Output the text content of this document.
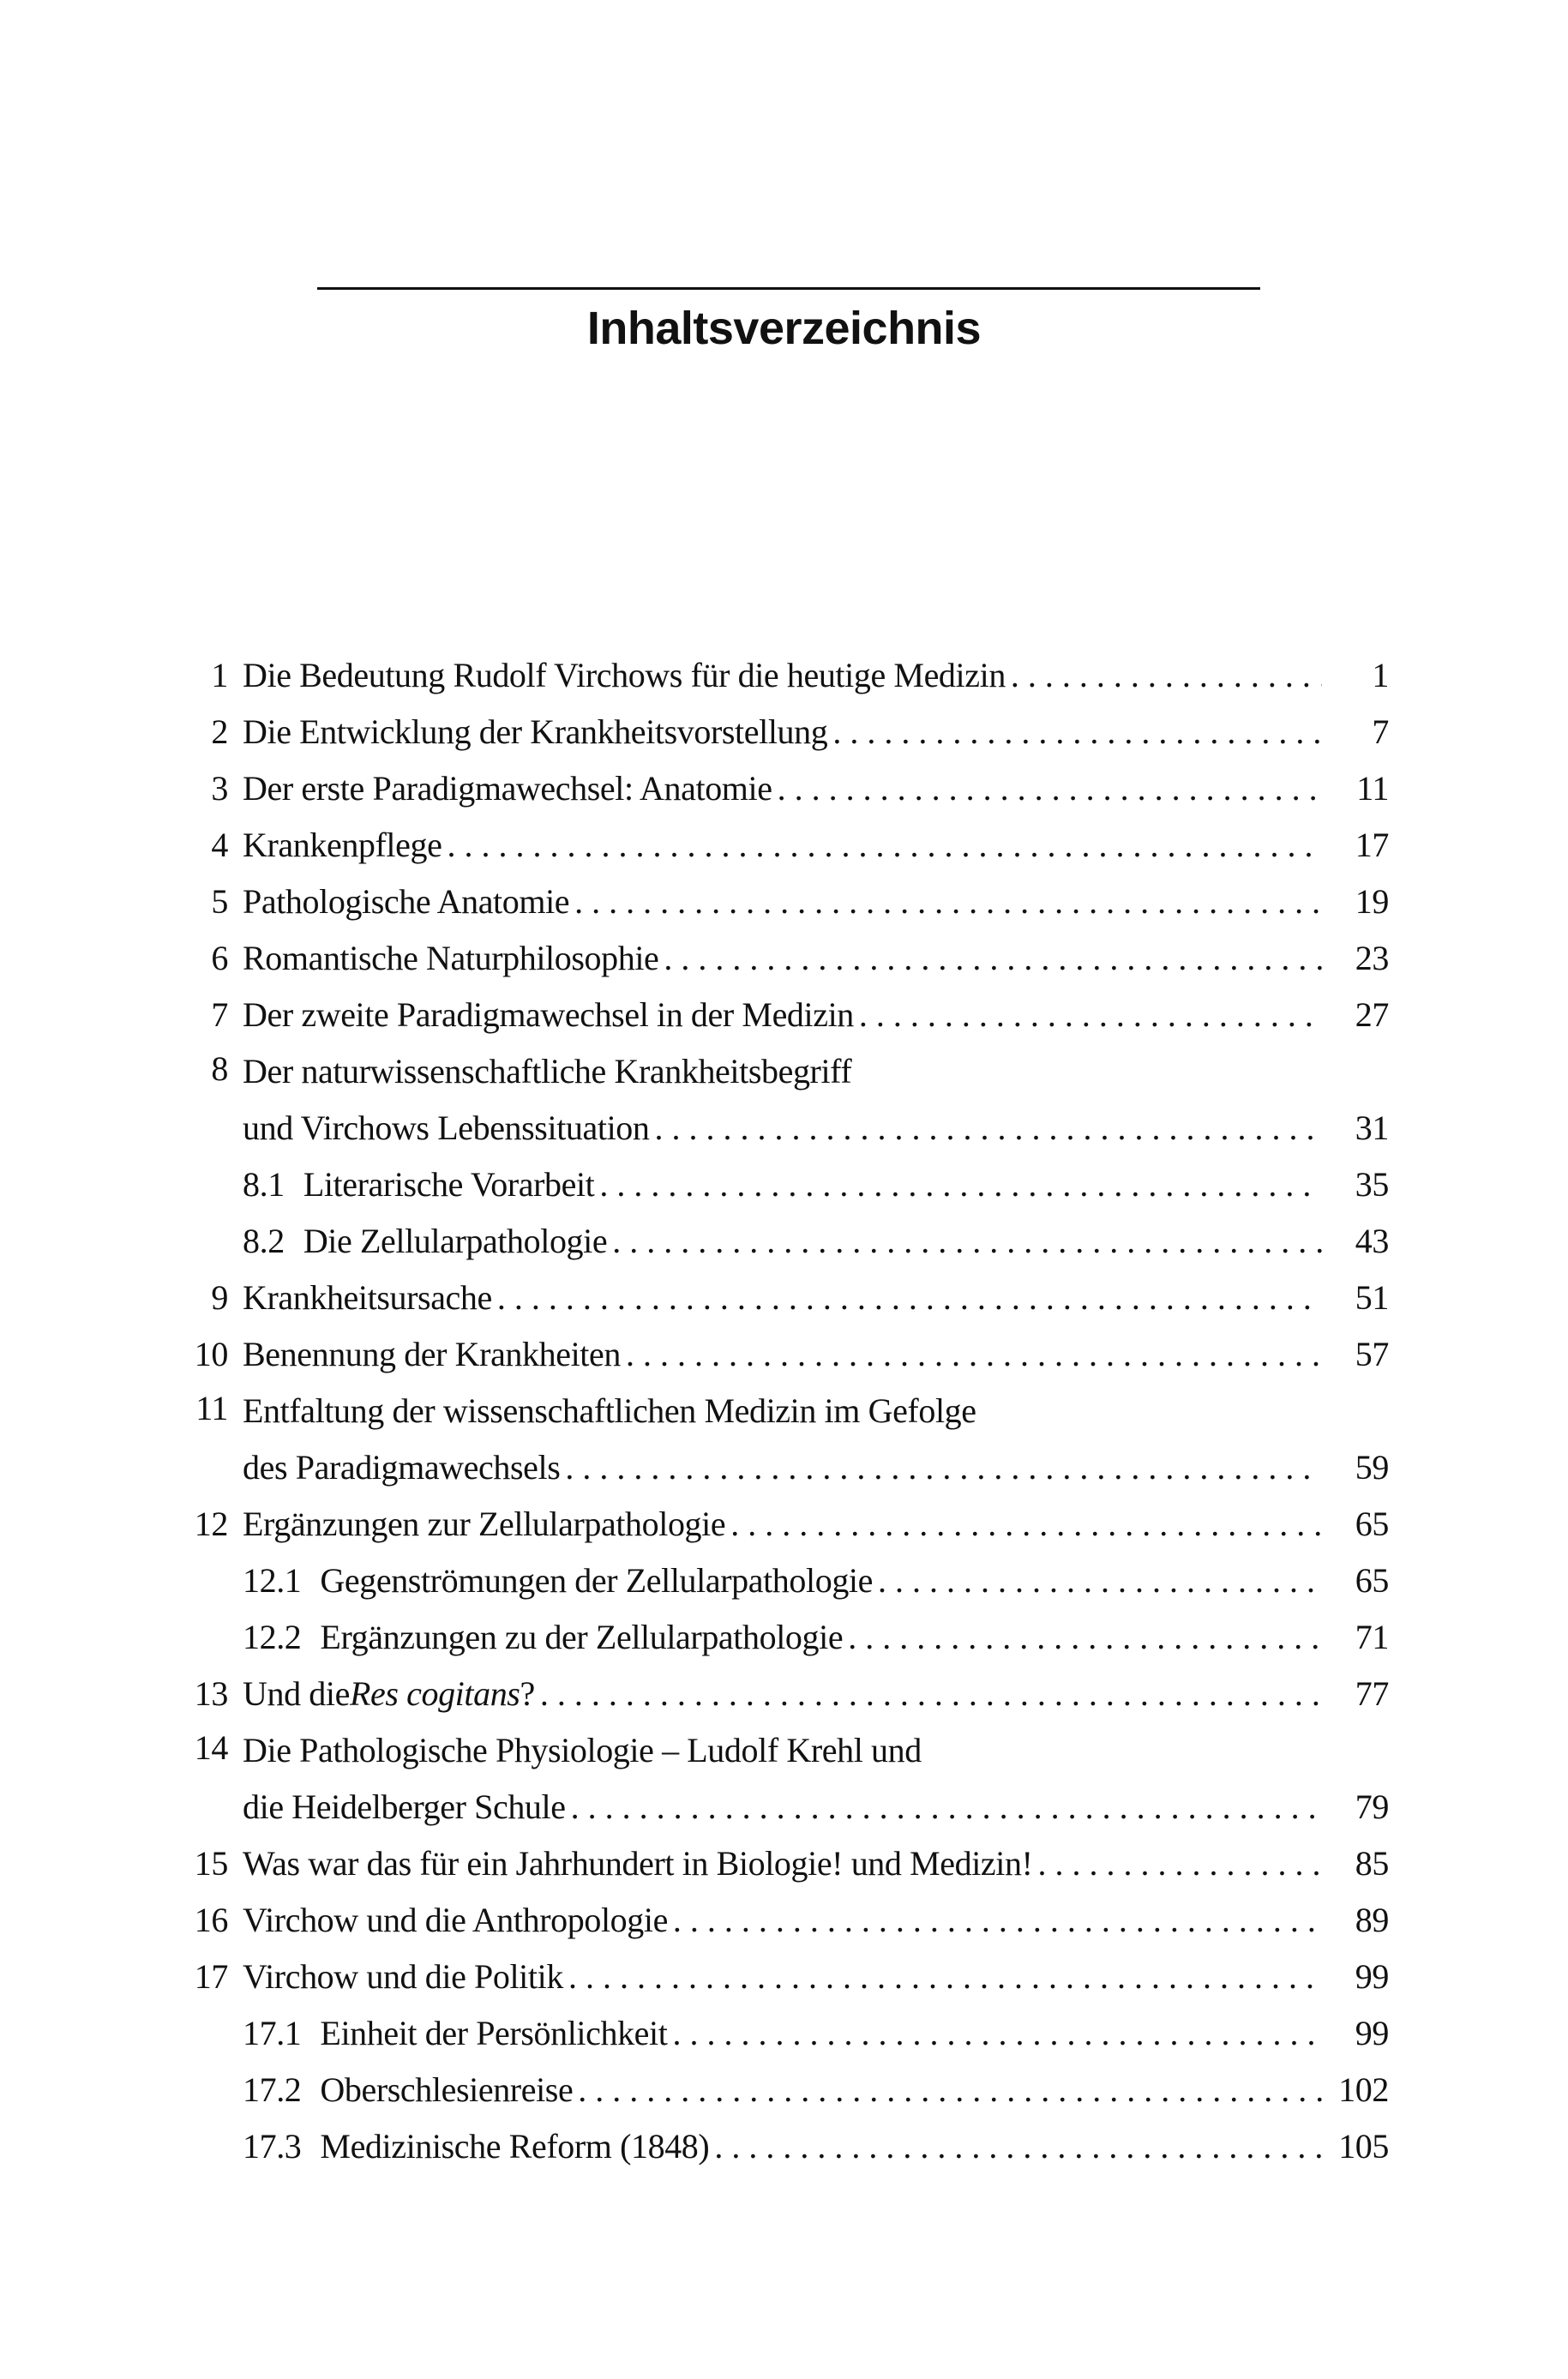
Inhaltsverzeichnis
1 Die Bedeutung Rudolf Virchows für die heutige Medizin . . .	1
2 Die Entwicklung der Krankheitsvorstellung . . .	7
3 Der erste Paradigmawechsel: Anatomie . . .	11
4 Krankenpflege . . .	17
5 Pathologische Anatomie . . .	19
6 Romantische Naturphilosophie . . .	23
7 Der zweite Paradigmawechsel in der Medizin . . .	27
8 Der naturwissenschaftliche Krankheitsbegriff
und Virchows Lebenssituation . . .	31
8.1 Literarische Vorarbeit . . .	35
8.2 Die Zellularpathologie . . .	43
9 Krankheitsursache . . .	51
10 Benennung der Krankheiten . . .	57
11 Entfaltung der wissenschaftlichen Medizin im Gefolge
des Paradigmawechsels . . .	59
12 Ergänzungen zur Zellularpathologie . . .	65
12.1 Gegenströmungen der Zellularpathologie . . .	65
12.2 Ergänzungen zu der Zellularpathologie . . .	71
13 Und die Res cogitans ? . . .	77
14 Die Pathologische Physiologie – Ludolf Krehl und
die Heidelberger Schule . . .	79
15 Was war das für ein Jahrhundert in Biologie! und Medizin! . . .	85
16 Virchow und die Anthropologie . . .	89
17 Virchow und die Politik . . .	99
17.1 Einheit der Persönlichkeit . . .	99
17.2 Oberschlesienreise . . .	102
17.3 Medizinische Reform (1848) . . .	105
